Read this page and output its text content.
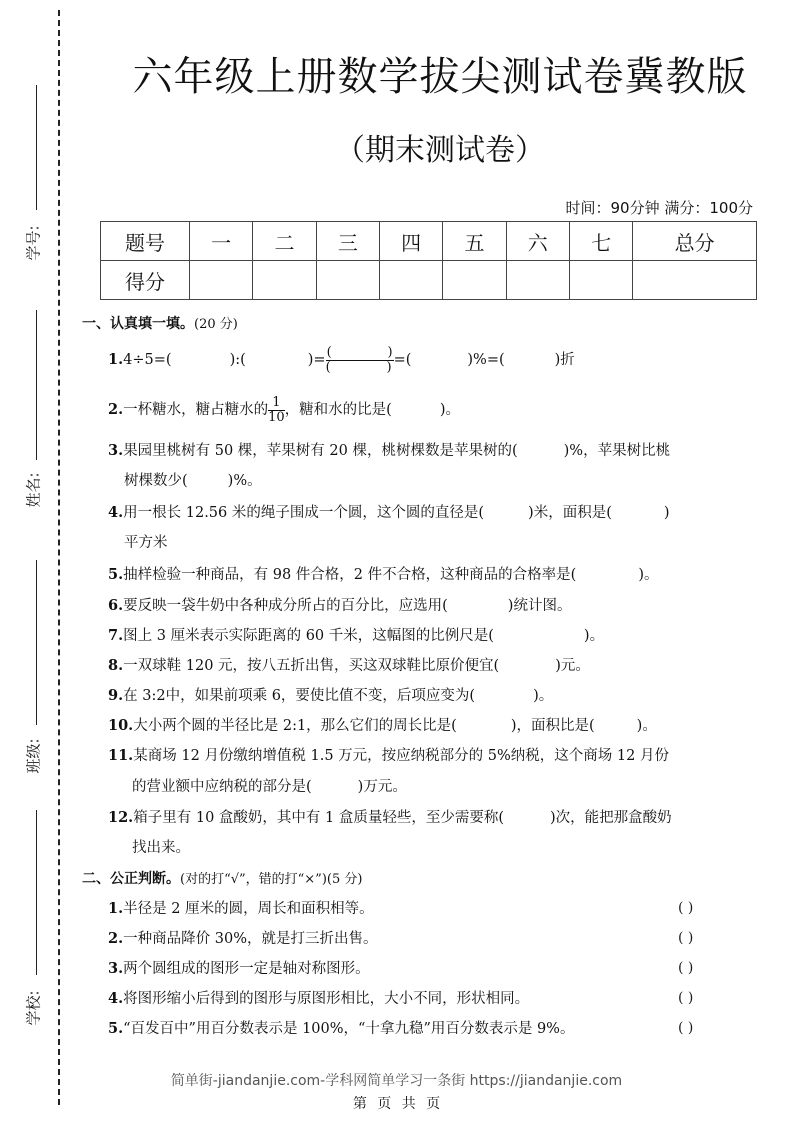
学号:
姓名:
班级:
学校:
六年级上册数学拔尖测试卷冀教版
（期末测试卷）
时间：90分钟 满分：100分
题号	一	二	三	四	五	六	七	总分
得分								
一、认真填一填。(20 分)
1.4÷5=(	):(	)= (	)
(	) =(	)%=(	)折
2.一杯糖水，糖占糖水的 $\frac{1}{10}$ ，糖和水的比是(	)。
3.果园里桃树有 50 棵，苹果树有 20 棵，桃树棵数是苹果树的(	)%，苹果树比桃
树棵数少(	)%。
4.用一根长 12.56 米的绳子围成一个圆，这个圆的直径是(	)米，面积是(	)
平方米
5.抽样检验一种商品，有 98 件合格，2 件不合格，这种商品的合格率是(	)。
6.要反映一袋牛奶中各种成分所占的百分比，应选用(	)统计图。
7.图上 3 厘米表示实际距离的 60 千米，这幅图的比例尺是(	)。
8.一双球鞋 120 元，按八五折出售，买这双球鞋比原价便宜(	)元。
9.在 3:2中，如果前项乘 6，要使比值不变，后项应变为(	)。
10.大小两个圆的半径比是 2:1，那么它们的周长比是(	)，面积比是(	)。
11.某商场 12 月份缴纳增值税 1.5 万元，按应纳税部分的 5%纳税，这个商场 12 月份
的营业额中应纳税的部分是(	)万元。
12.箱子里有 10 盒酸奶，其中有 1 盒质量轻些，至少需要称(	)次，能把那盒酸奶
找出来。
二、公正判断。(对的打“√”，错的打“×”)(5 分)
1.半径是 2 厘米的圆，周长和面积相等。	( )
2.一种商品降价 30%，就是打三折出售。	( )
3.两个圆组成的图形一定是轴对称图形。	( )
4.将图形缩小后得到的图形与原图形相比，大小不同，形状相同。	( )
5.“百发百中”用百分数表示是 100%，“十拿九稳”用百分数表示是 9%。	( )
简单街-jiandanjie.com-学科网简单学习一条街 https://jiandanjie.com
第 页 共 页
